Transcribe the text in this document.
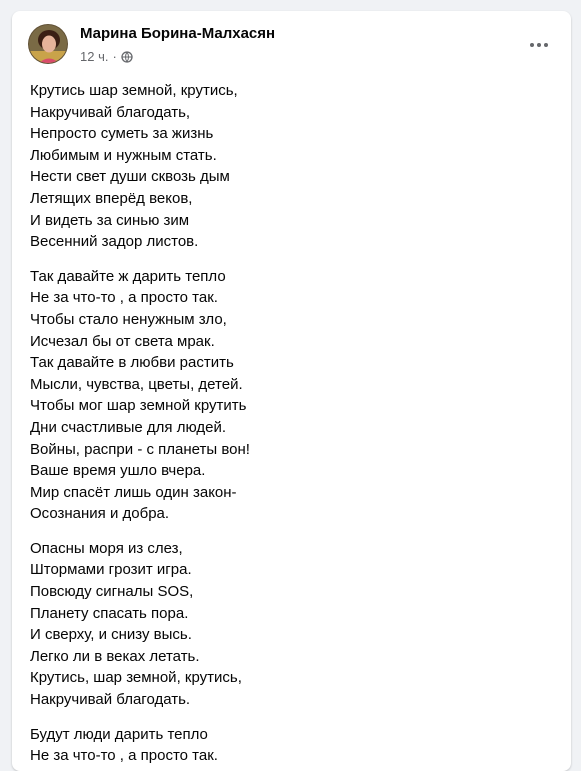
Марина Борина-Малхасян
12 ч. ·
Крутись шар земной, крутись,
Накручивай благодать,
Непросто суметь за жизнь
Любимым и нужным стать.
Нести свет души сквозь дым
Летящих вперёд веков,
И видеть за синью зим
Весенний задор листов.
Так давайте ж дарить тепло
Не за что-то , а просто так.
Чтобы стало ненужным зло,
Исчезал бы от света мрак.
Так давайте в любви растить
Мысли, чувства, цветы, детей.
Чтобы мог шар земной крутить
Дни счастливые для людей.
Войны, распри - с планеты вон!
Ваше время ушло вчера.
Мир спасёт лишь один закон-
Осознания и добра.
Опасны моря из слез,
Штормами грозит игра.
Повсюду сигналы SOS,
Планету спасать пора.
И сверху, и снизу высь.
Легко ли в веках летать.
Крутись, шар земной, крутись,
Накручивай благодать.
Будут люди дарить тепло
Не за что-то , а просто так.
